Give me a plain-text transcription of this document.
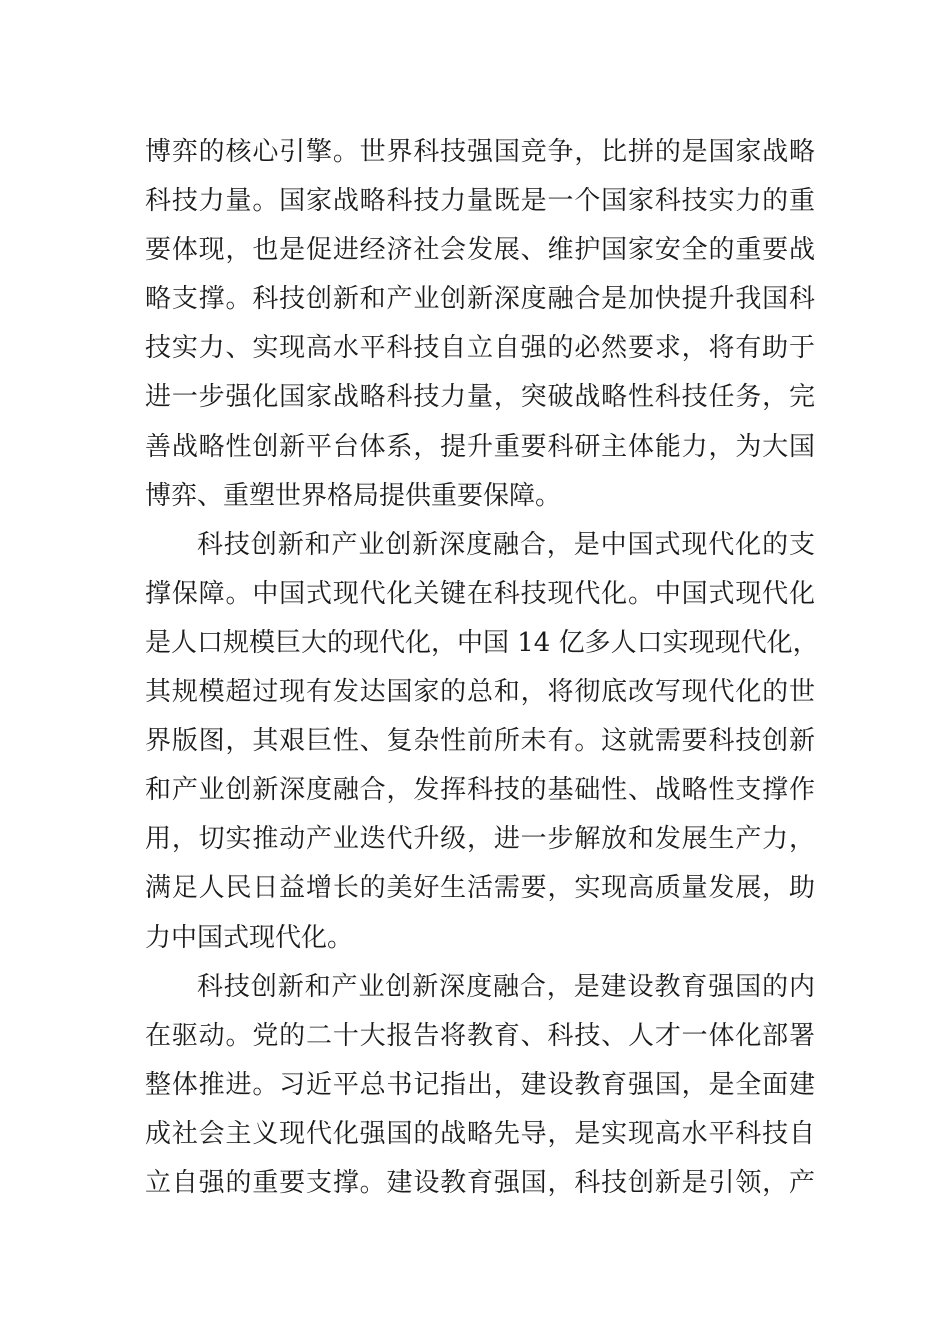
博弈的核心引擎。世界科技强国竞争，比拼的是国家战略
科技力量。国家战略科技力量既是一个国家科技实力的重
要体现，也是促进经济社会发展、维护国家安全的重要战
略支撑。科技创新和产业创新深度融合是加快提升我国科
技实力、实现高水平科技自立自强的必然要求，将有助于
进一步强化国家战略科技力量，突破战略性科技任务，完
善战略性创新平台体系，提升重要科研主体能力，为大国
博弈、重塑世界格局提供重要保障。
科技创新和产业创新深度融合，是中国式现代化的支
撑保障。中国式现代化关键在科技现代化。中国式现代化
是人口规模巨大的现代化，中国 14 亿多人口实现现代化，
其规模超过现有发达国家的总和，将彻底改写现代化的世
界版图，其艰巨性、复杂性前所未有。这就需要科技创新
和产业创新深度融合，发挥科技的基础性、战略性支撑作
用，切实推动产业迭代升级，进一步解放和发展生产力，
满足人民日益增长的美好生活需要，实现高质量发展，助
力中国式现代化。
科技创新和产业创新深度融合，是建设教育强国的内
在驱动。党的二十大报告将教育、科技、人才一体化部署
整体推进。习近平总书记指出，建设教育强国，是全面建
成社会主义现代化强国的战略先导，是实现高水平科技自
立自强的重要支撑。建设教育强国，科技创新是引领，产
